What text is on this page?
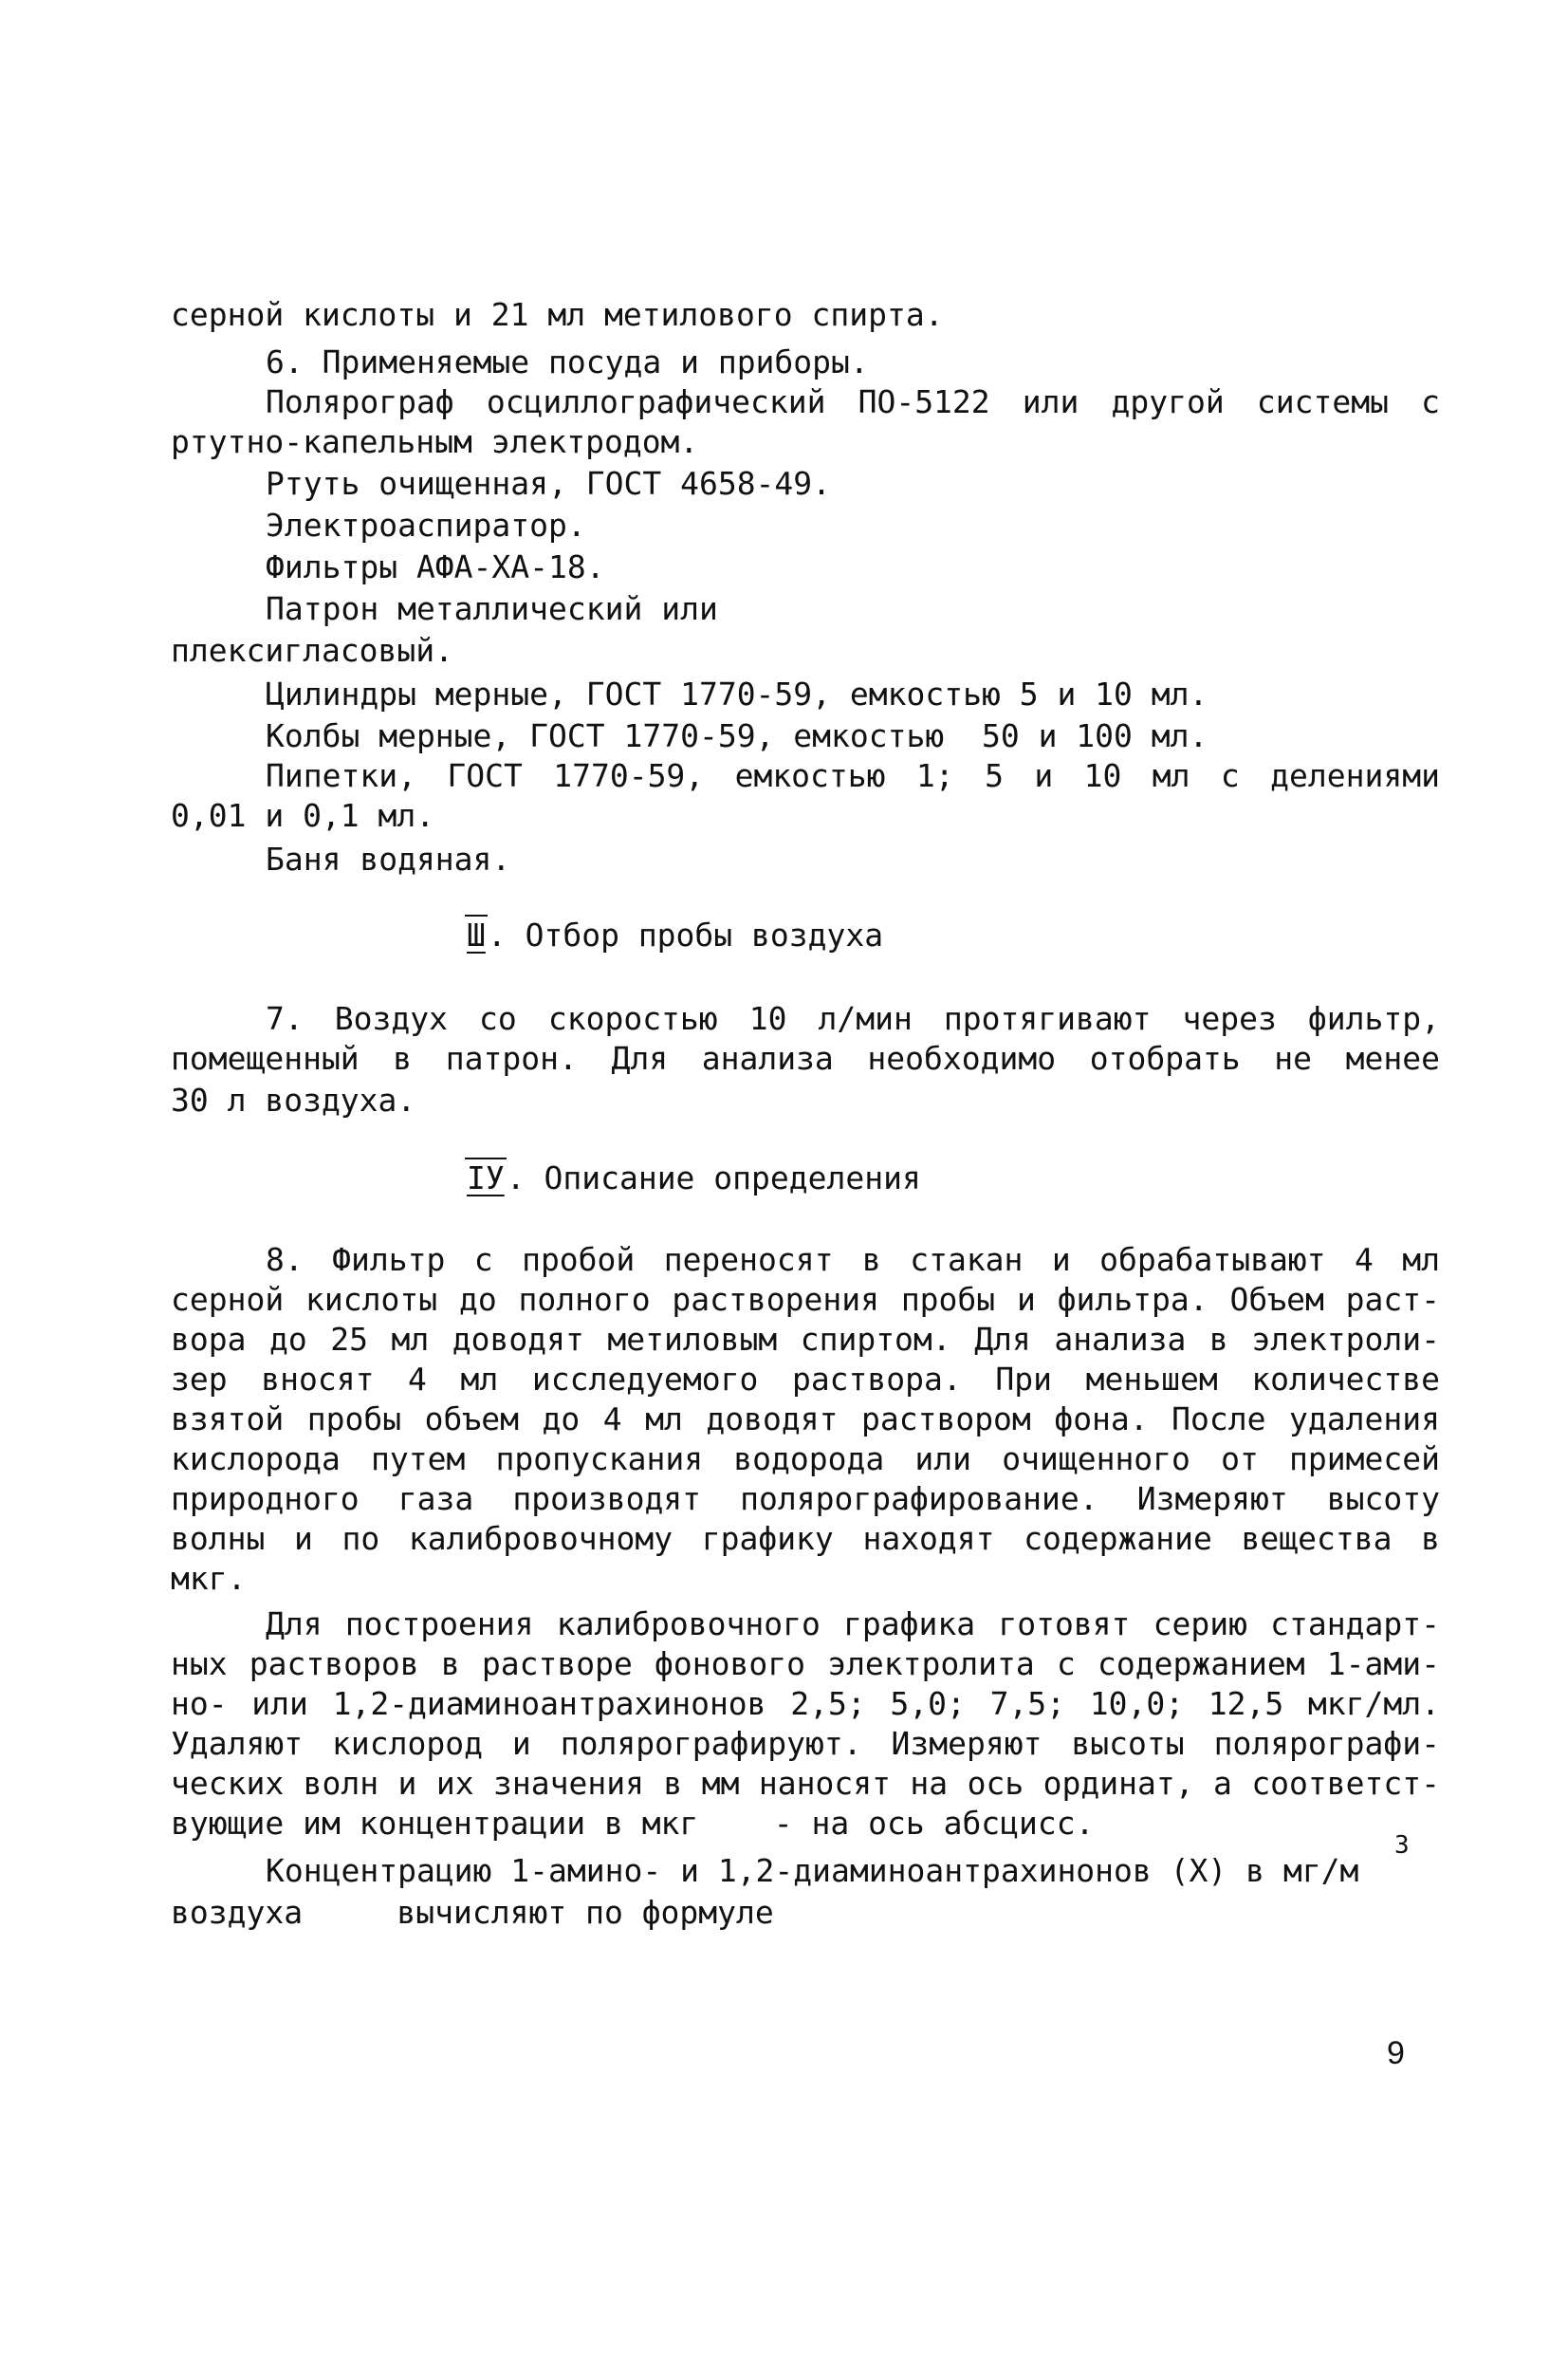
серной кислоты и 21 мл метилового спирта.
6. Применяемые посуда и приборы.
Полярограф осциллографический ПО-5122 или другой системы с
ртутно-капельным электродом.
Ртуть очищенная, ГОСТ 4658-49.
Электроаспиратор.
Фильтры АФА-ХА-18.
Патрон металлический или
плексигласовый.
Цилиндры мерные, ГОСТ 1770-59, емкостью 5 и 10 мл.
Колбы мерные, ГОСТ 1770-59, емкостью  50 и 100 мл.
Пипетки, ГОСТ 1770-59, емкостью 1; 5 и 10 мл с делениями
0,01 и 0,1 мл.
Баня водяная.
Ш. Отбор пробы воздуха
7. Воздух со скоростью 10 л/мин протягивают через фильтр,
помещенный в патрон. Для анализа необходимо отобрать не менее
30 л воздуха.
IУ. Описание определения
8. Фильтр с пробой переносят в стакан и обрабатывают 4 мл
серной кислоты до полного растворения пробы и фильтра. Объем раст-
вора до 25 мл доводят метиловым спиртом. Для анализа в электроли-
зер вносят 4 мл исследуемого раствора. При меньшем количестве
взятой пробы объем до 4 мл доводят раствором фона. После удаления
кислорода путем пропускания водорода или очищенного от примесей
природного газа производят полярографирование. Измеряют высоту
волны и по калибровочному графику находят содержание вещества в
мкг.
Для построения калибровочного графика готовят серию стандарт-
ных растворов в растворе фонового электролита с содержанием 1-ами-
но- или 1,2-диаминоантрахинонов 2,5; 5,0; 7,5; 10,0; 12,5 мкг/мл.
Удаляют кислород и полярографируют. Измеряют высоты полярографи-
ческих волн и их значения в мм наносят на ось ординат, а соответст-
вующие им концентрации в мкг    - на ось абсцисс.
Концентрацию 1-амино- и 1,2-диаминоантрахинонов (X) в мг/м
3
воздуха     вычисляют по формуле
9
